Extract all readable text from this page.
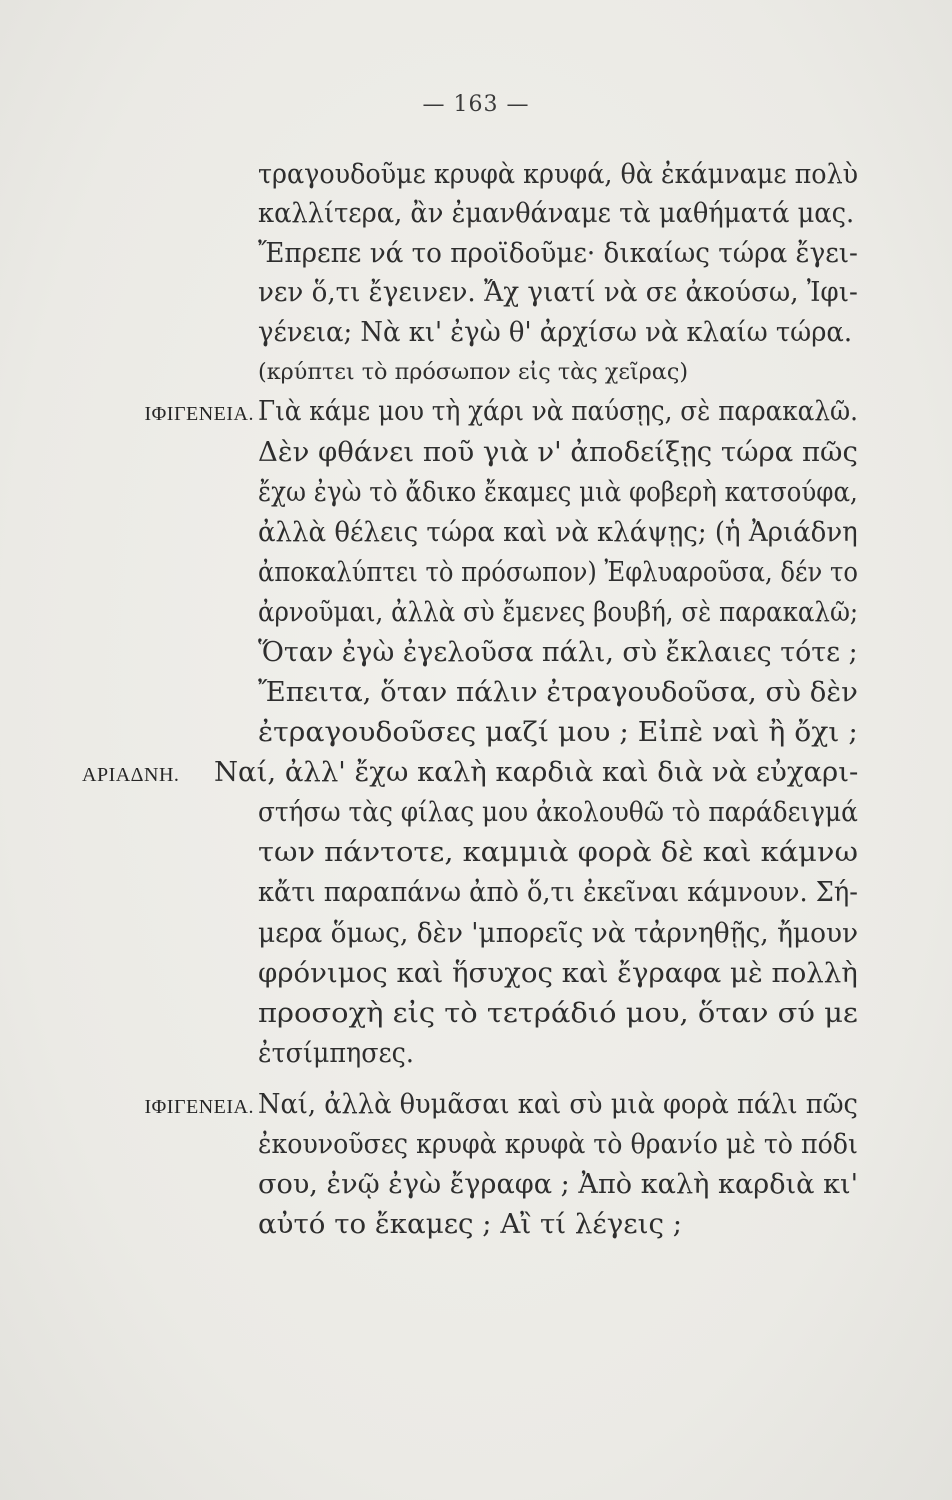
— 163 —
τραγουδοῦμε κρυφὰ κρυφά, θὰ ἐκάμναμε πολὺ
καλλίτερα, ἂν ἐμανθάναμε τὰ μαθήματά μας.
Ἔπρεπε νά το προϊδοῦμε· δικαίως τώρα ἔγει-
νεν ὅ,τι ἔγεινεν. Ἄχ γιατί νὰ σε ἀκούσω, Ἰφι-
γένεια; Νὰ κι' ἐγὼ θ' ἀρχίσω νὰ κλαίω τώρα.
(κρύπτει τὸ πρόσωπον εἰς τὰς χεῖρας)
ΙΦΙΓΕΝΕΙΑ. Γιὰ κάμε μου τὴ χάρι νὰ παύσῃς, σὲ παρακαλῶ.
Δὲν φθάνει ποῦ γιὰ ν' ἀποδείξῃς τώρα πῶς
ἔχω ἐγὼ τὸ ἄδικο ἔκαμες μιὰ φοβερὴ κατσούφα,
ἀλλὰ θέλεις τώρα καὶ νὰ κλάψῃς; (ἡ Ἀριάδνη
ἀποκαλύπτει τὸ πρόσωπον) Ἐφλυαροῦσα, δέν το
ἀρνοῦμαι, ἀλλὰ σὺ ἔμενες βουβή, σὲ παρακαλῶ;
Ὅταν ἐγὼ ἐγελοῦσα πάλι, σὺ ἔκλαιες τότε ;
Ἔπειτα, ὅταν πάλιν ἐτραγουδοῦσα, σὺ δὲν
ἐτραγουδοῦσες μαζί μου ; Εἰπὲ ναὶ ἢ ὄχι ;
ΑΡΙΑΔΝΗ. Ναί, ἀλλ' ἔχω καλὴ καρδιὰ καὶ διὰ νὰ εὐχαρι-
στήσω τὰς φίλας μου ἀκολουθῶ τὸ παράδειγμά
των πάντοτε, καμμιὰ φορὰ δὲ καὶ κάμνω
κἄτι παραπάνω ἀπὸ ὅ,τι ἐκεῖναι κάμνουν. Σή-
μερα ὅμως, δὲν 'μπορεῖς νὰ τἀρνηθῇς, ἤμουν
φρόνιμος καὶ ἥσυχος καὶ ἔγραφα μὲ πολλὴ
προσοχὴ εἰς τὸ τετράδιό μου, ὅταν σύ με
ἐτσίμπησες.
ΙΦΙΓΕΝΕΙΑ. Ναί, ἀλλὰ θυμᾶσαι καὶ σὺ μιὰ φορὰ πάλι πῶς
ἐκουνοῦσες κρυφὰ κρυφὰ τὸ θρανίο μὲ τὸ πόδι
σου, ἐνῷ ἐγὼ ἔγραφα ; Ἀπὸ καλὴ καρδιὰ κι'
αὐτό το ἔκαμες ; Αἲ τί λέγεις ;
